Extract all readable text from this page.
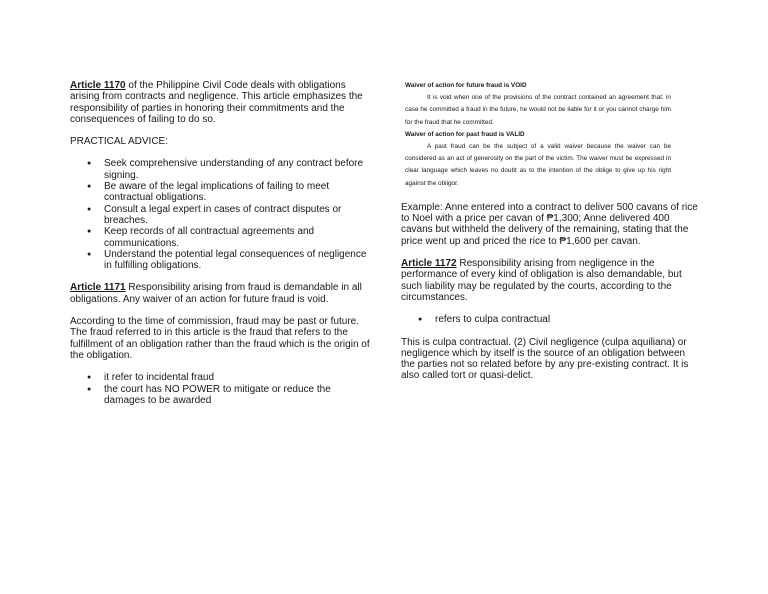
Article 1170 of the Philippine Civil Code deals with obligations arising from contracts and negligence. This article emphasizes the responsibility of parties in honoring their commitments and the consequences of failing to do so.

PRACTICAL ADVICE:

● Seek comprehensive understanding of any contract before signing.
● Be aware of the legal implications of failing to meet contractual obligations.
● Consult a legal expert in cases of contract disputes or breaches.
● Keep records of all contractual agreements and communications.
● Understand the potential legal consequences of negligence in fulfilling obligations.

Article 1171 Responsibility arising from fraud is demandable in all obligations. Any waiver of an action for future fraud is void.

According to the time of commission, fraud may be past or future. The fraud referred to in this article is the fraud that refers to the fulfillment of an obligation rather than the fraud which is the origin of the obligation.

● it refer to incidental fraud
● the court has NO POWER to mitigate or reduce the damages to be awarded

Waiver of action for future fraud is VOID

It is void when one of the provisions of the contract contained an agreement that: in case he committed a fraud in the future, he would not be liable for it or you cannot charge him for the fraud that he committed.

Waiver of action for past fraud is VALID

A past fraud can be the subject of a valid waiver because the waiver can be considered as an act of generosity on the part of the victim. The waiver must be expressed in clear language which leaves no doubt as to the intention of the oblige to give up his right against the obligor.

Example: Anne entered into a contract to deliver 500 cavans of rice to Noel with a price per cavan of ₱1,300; Anne delivered 400 cavans but withheld the delivery of the remaining, stating that the price went up and priced the rice to ₱1,600 per cavan.

Article 1172 Responsibility arising from negligence in the performance of every kind of obligation is also demandable, but such liability may be regulated by the courts, according to the circumstances.

● refers to culpa contractual

This is culpa contractual. (2) Civil negligence (culpa aquiliana) or negligence which by itself is the source of an obligation between the parties not so related before by any pre-existing contract. It is also called tort or quasi-delict.
